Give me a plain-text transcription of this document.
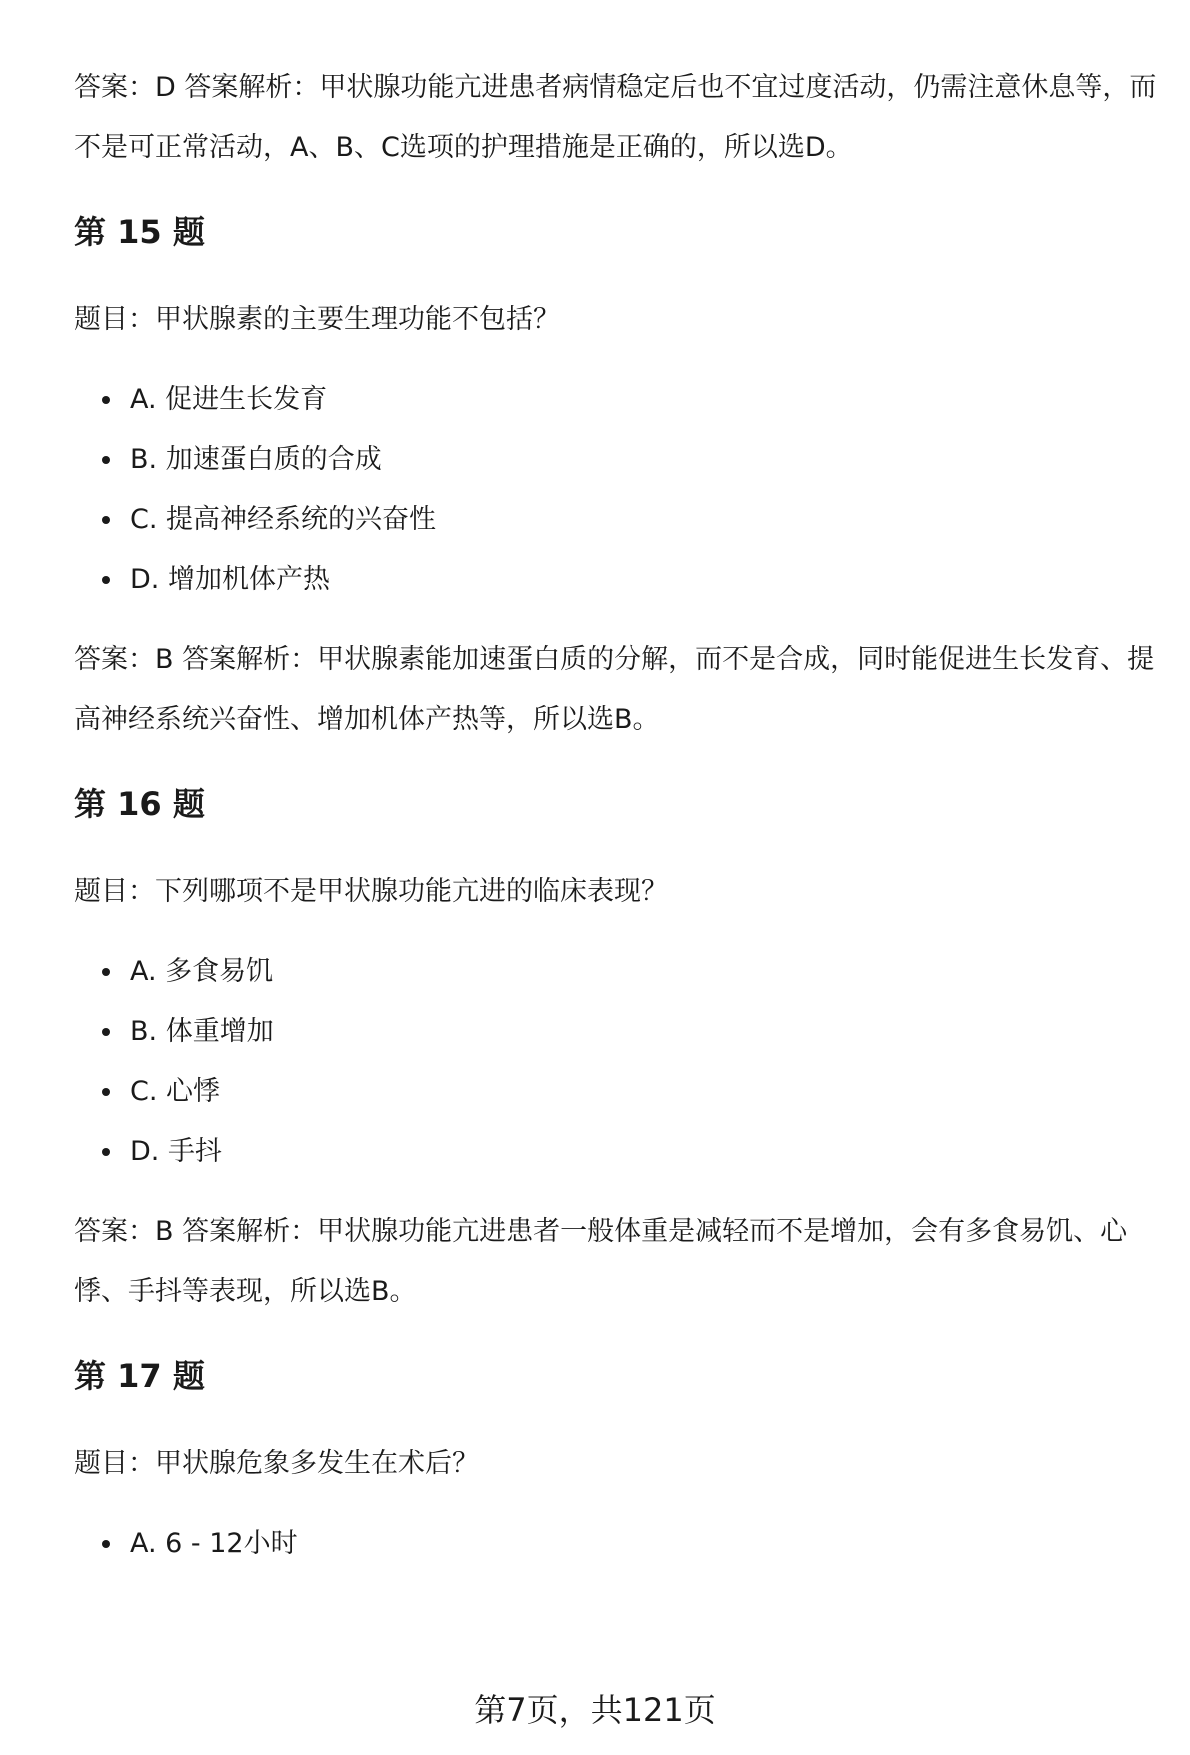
答案：D 答案解析：甲状腺功能亢进患者病情稳定后也不宜过度活动，仍需注意休息等，而不是可正常活动，A、B、C选项的护理措施是正确的，所以选D。

第 15 题

题目：甲状腺素的主要生理功能不包括？

A. 促进生长发育
B. 加速蛋白质的合成
C. 提高神经系统的兴奋性
D. 增加机体产热

答案：B 答案解析：甲状腺素能加速蛋白质的分解，而不是合成，同时能促进生长发育、提高神经系统兴奋性、增加机体产热等，所以选B。

第 16 题

题目：下列哪项不是甲状腺功能亢进的临床表现？

A. 多食易饥
B. 体重增加
C. 心悸
D. 手抖

答案：B 答案解析：甲状腺功能亢进患者一般体重是减轻而不是增加，会有多食易饥、心悸、手抖等表现，所以选B。

第 17 题

题目：甲状腺危象多发生在术后？

A. 6 - 12小时
第7页，共121页
